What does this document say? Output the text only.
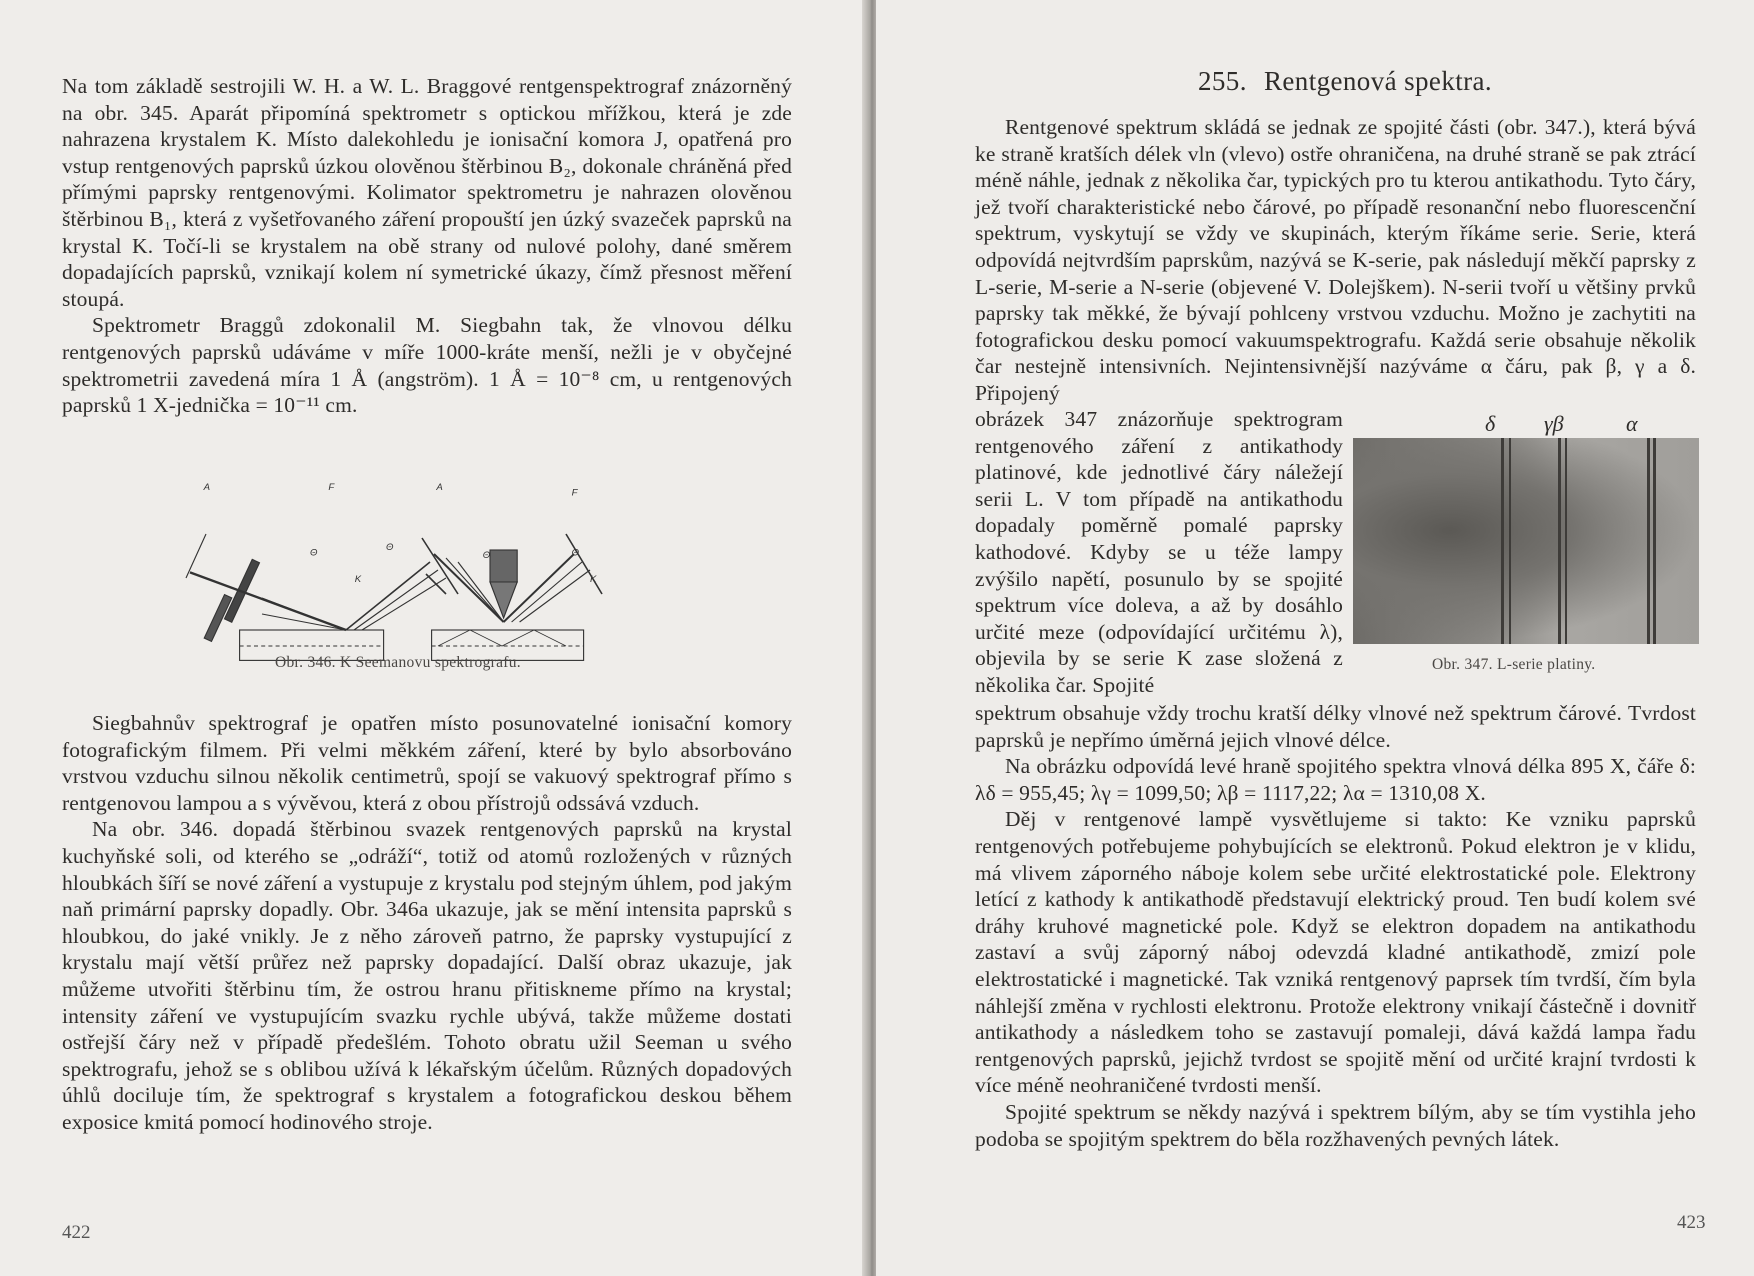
Na tom základě sestrojili W. H. a W. L. Braggové rentgenspektrograf znázorněný na obr. 345. Aparát připomíná spektrometr s optickou mřížkou, která je zde nahrazena krystalem K. Místo dalekohledu je ionisační komora J, opatřená pro vstup rentgenových paprsků úzkou olověnou štěrbinou B₂, dokonale chráněná před přímými paprsky rentgenovými. Kolimator spektrometru je nahrazen olověnou štěrbinou B₁, která z vyšetřovaného záření propouští jen úzký svazeček paprsků na krystal K. Točí-li se krystalem na obě strany od nulové polohy, dané směrem dopadajících paprsků, vznikají kolem ní symetrické úkazy, čímž přesnost měření stoupá.

Spektrometr Braggů zdokonalil M. Siegbahn tak, že vlnovou délku rentgenových paprsků udáváme v míře 1000-kráte menší, nežli je v obyčejné spektrometrii zavedená míra 1 Å (angström). 1 Å = 10⁻⁸ cm, u rentgenových paprsků 1 X-jednička = 10⁻¹¹ cm.

A	F	A
F
K	K
Θ
Θ
Θ	Θ
Obr. 346. K Seemanovu spektrografu.

Siegbahnův spektrograf je opatřen místo posunovatelné ionisační komory fotografickým filmem. Při velmi měkkém záření, které by bylo absorbováno vrstvou vzduchu silnou několik centimetrů, spojí se vakuový spektrograf přímo s rentgenovou lampou a s vývěvou, která z obou přístrojů odssává vzduch.

Na obr. 346. dopadá štěrbinou svazek rentgenových paprsků na krystal kuchyňské soli, od kterého se „odráží“, totiž od atomů rozložených v různých hloubkách šíří se nové záření a vystupuje z krystalu pod stejným úhlem, pod jakým naň primární paprsky dopadly. Obr. 346a ukazuje, jak se mění intensita paprsků s hloubkou, do jaké vnikly. Je z něho zároveň patrno, že paprsky vystupující z krystalu mají větší průřez než paprsky dopadající. Další obraz ukazuje, jak můžeme utvořiti štěrbinu tím, že ostrou hranu přitiskneme přímo na krystal; intensity záření ve vystupujícím svazku rychle ubývá, takže můžeme dostati ostřejší čáry než v případě předešlém. Tohoto obratu užil Seeman u svého spektrografu, jehož se s oblibou užívá k lékařským účelům. Různých dopadových úhlů dociluje tím, že spektrograf s krystalem a fotografickou deskou během exposice kmitá pomocí hodinového stroje.

422
255. Rentgenová spektra.

Rentgenové spektrum skládá se jednak ze spojité části (obr. 347.), která bývá ke straně kratších délek vln (vlevo) ostře ohraničena, na druhé straně se pak ztrácí méně náhle, jednak z několika čar, typických pro tu kterou antikathodu. Tyto čáry, jež tvoří charakteristické nebo čárové, po případě resonanční nebo fluorescenční spektrum, vyskytují se vždy ve skupinách, kterým říkáme serie. Serie, která odpovídá nejtvrdším paprskům, nazývá se K-serie, pak následují měkčí paprsky z L-serie, M-serie a N-serie (objevené V. Dolejškem). N-serii tvoří u většiny prvků paprsky tak měkké, že bývají pohlceny vrstvou vzduchu. Možno je zachytiti na fotografickou desku pomocí vakuumspektrografu. Každá serie obsahuje několik čar nestejně intensivních. Nejintensivnější nazýváme α čáru, pak β, γ a δ. Připojený

obrázek 347 znázorňuje spektrogram rentgenového záření z antikathody platinové, kde jednotlivé čáry náležejí serii L. V tom případě na antikathodu dopadaly poměrně pomalé paprsky kathodové. Kdyby se u téže lampy zvýšilo napětí, posunulo by se spojité spektrum více doleva, a až by dosáhlo určité meze (odpovídající určitému λ), objevila by se serie K zase složená z několika čar. Spojité

δ γβ	α
Obr. 347. L-serie platiny.

spektrum obsahuje vždy trochu kratší délky vlnové než spektrum čárové. Tvrdost paprsků je nepřímo úměrná jejich vlnové délce.

Na obrázku odpovídá levé hraně spojitého spektra vlnová délka 895 X, čáře δ: λδ = 955,45; λγ = 1099,50; λβ = 1117,22; λα = 1310,08 X.

Děj v rentgenové lampě vysvětlujeme si takto: Ke vzniku paprsků rentgenových potřebujeme pohybujících se elektronů. Pokud elektron je v klidu, má vlivem záporného náboje kolem sebe určité elektrostatické pole. Elektrony letící z kathody k antikathodě představují elektrický proud. Ten budí kolem své dráhy kruhové magnetické pole. Když se elektron dopadem na antikathodu zastaví a svůj záporný náboj odevzdá kladné antikathodě, zmizí pole elektrostatické i magnetické. Tak vzniká rentgenový paprsek tím tvrdší, čím byla náhlejší změna v rychlosti elektronu. Protože elektrony vnikají částečně i dovnitř antikathody a následkem toho se zastavují pomaleji, dává každá lampa řadu rentgenových paprsků, jejichž tvrdost se spojitě mění od určité krajní tvrdosti k více méně neohraničené tvrdosti menší.

Spojité spektrum se někdy nazývá i spektrem bílým, aby se tím vystihla jeho podoba se spojitým spektrem do běla rozžhavených pevných látek.

423
